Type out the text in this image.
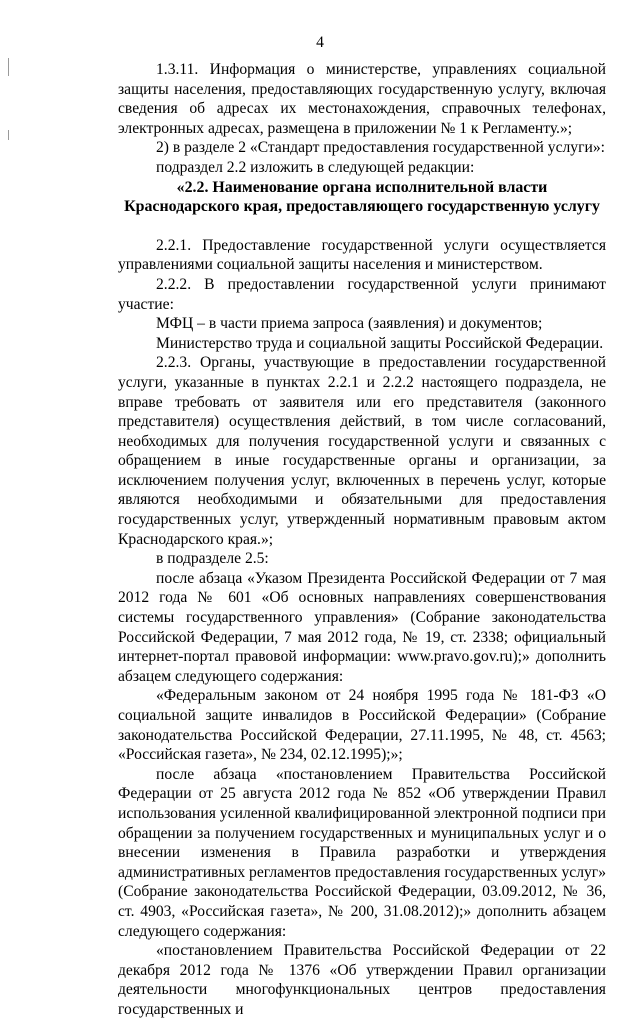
4

1.3.11. Информация о министерстве, управлениях социальной защиты населения, предоставляющих государственную услугу, включая сведения об адресах их местонахождения, справочных телефонах, электронных адресах, размещена в приложении № 1 к Регламенту.»;

2) в разделе 2 «Стандарт предоставления государственной услуги»:

подраздел 2.2 изложить в следующей редакции:

«2.2. Наименование органа исполнительной власти Краснодарского края, предоставляющего государственную услугу

2.2.1. Предоставление государственной услуги осуществляется управлениями социальной защиты населения и министерством.

2.2.2. В предоставлении государственной услуги принимают участие:

МФЦ – в части приема запроса (заявления) и документов;

Министерство труда и социальной защиты Российской Федерации.

2.2.3. Органы, участвующие в предоставлении государственной услуги, указанные в пунктах 2.2.1 и 2.2.2 настоящего подраздела, не вправе требовать от заявителя или его представителя (законного представителя) осуществления действий, в том числе согласований, необходимых для получения государственной услуги и связанных с обращением в иные государственные органы и организации, за исключением получения услуг, включенных в перечень услуг, которые являются необходимыми и обязательными для предоставления государственных услуг, утвержденный нормативным правовым актом Краснодарского края.»;

в подразделе 2.5:

после абзаца «Указом Президента Российской Федерации от 7 мая 2012 года № 601 «Об основных направлениях совершенствования системы государственного управления» (Собрание законодательства Российской Федерации, 7 мая 2012 года, № 19, ст. 2338; официальный интернет-портал правовой информации: www.pravo.gov.ru);» дополнить абзацем следующего содержания:

«Федеральным законом от 24 ноября 1995 года № 181-ФЗ «О социальной защите инвалидов в Российской Федерации» (Собрание законодательства Российской Федерации, 27.11.1995, № 48, ст. 4563; «Российская газета», № 234, 02.12.1995);»;

после абзаца «постановлением Правительства Российской Федерации от 25 августа 2012 года № 852 «Об утверждении Правил использования усиленной квалифицированной электронной подписи при обращении за получением государственных и муниципальных услуг и о внесении изменения в Правила разработки и утверждения административных регламентов предоставления государственных услуг» (Собрание законодательства Российской Федерации, 03.09.2012, № 36, ст. 4903, «Российская газета», № 200, 31.08.2012);» дополнить абзацем следующего содержания:

«постановлением Правительства Российской Федерации от 22 декабря 2012 года № 1376 «Об утверждении Правил организации деятельности многофункциональных центров предоставления государственных и
